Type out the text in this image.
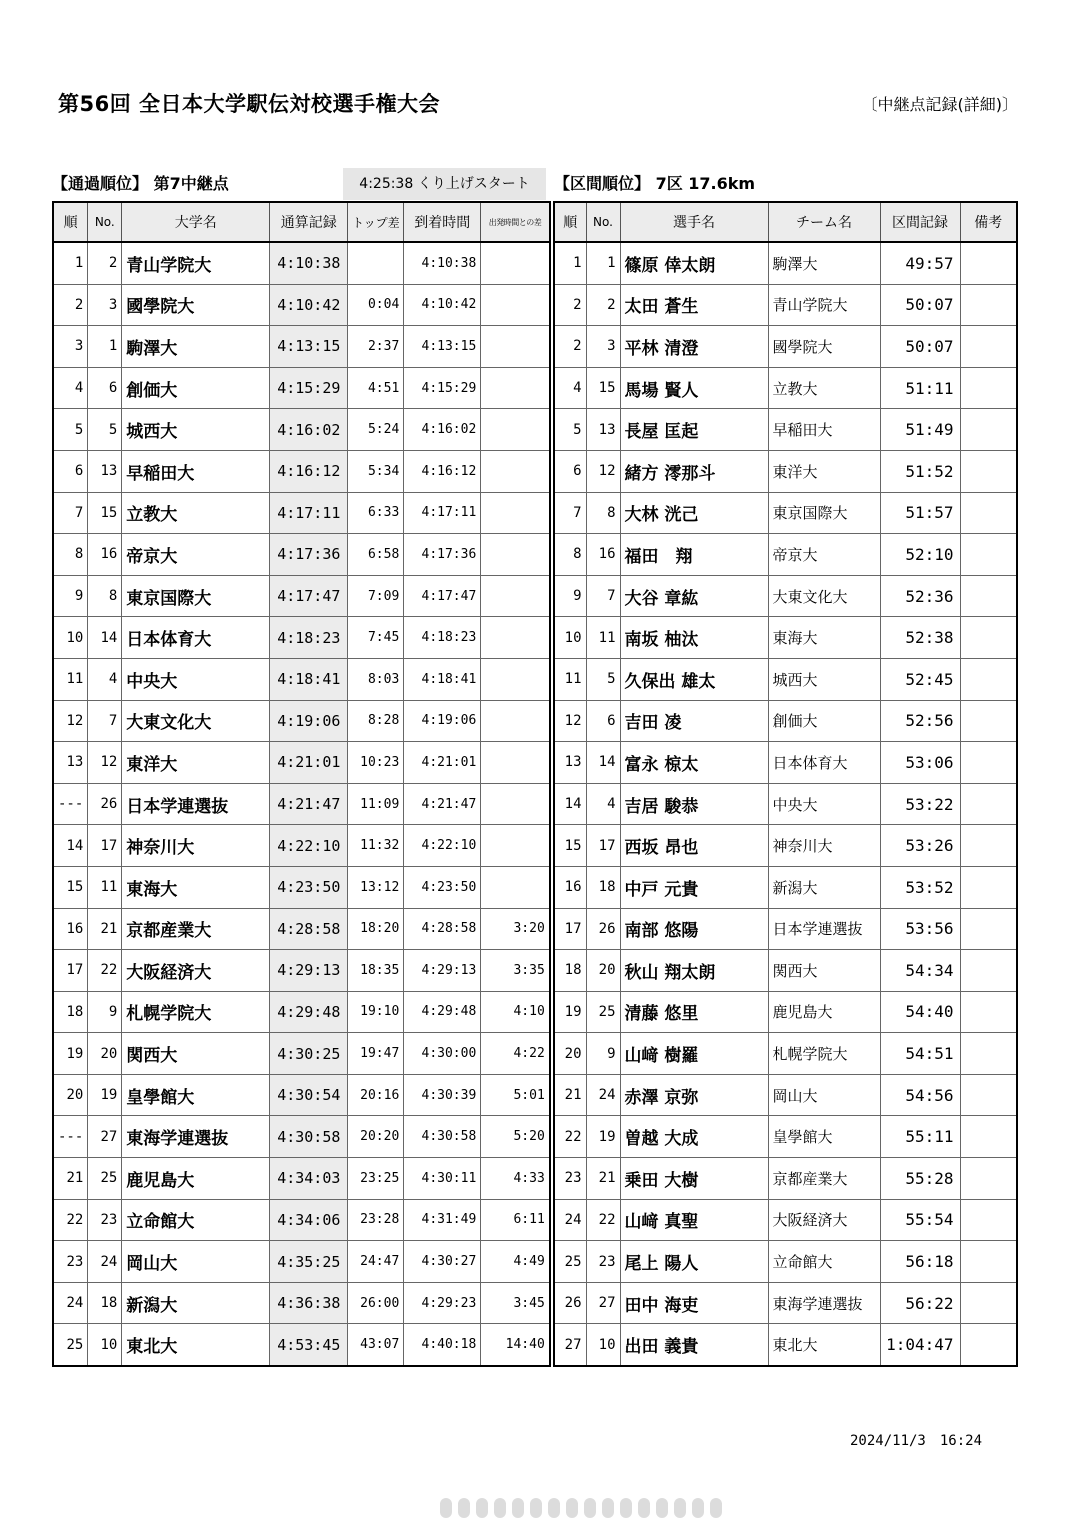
第56回 全日本大学駅伝対校選手権大会	〔中継点記録(詳細)〕
【通過順位】 第7中継点	4:25:38 くり上げスタート	【区間順位】 7区 17.6km
順	No.	大学名	通算記録	トップ差	到着時間	出発時間との差
1	2	青山学院大	4:10:38		4:10:38	
2	3	國學院大	4:10:42	0:04	4:10:42	
3	1	駒澤大	4:13:15	2:37	4:13:15	
4	6	創価大	4:15:29	4:51	4:15:29	
5	5	城西大	4:16:02	5:24	4:16:02	
6	13	早稲田大	4:16:12	5:34	4:16:12	
7	15	立教大	4:17:11	6:33	4:17:11	
8	16	帝京大	4:17:36	6:58	4:17:36	
9	8	東京国際大	4:17:47	7:09	4:17:47	
10	14	日本体育大	4:18:23	7:45	4:18:23	
11	4	中央大	4:18:41	8:03	4:18:41	
12	7	大東文化大	4:19:06	8:28	4:19:06	
13	12	東洋大	4:21:01	10:23	4:21:01	
---	26	日本学連選抜	4:21:47	11:09	4:21:47	
14	17	神奈川大	4:22:10	11:32	4:22:10	
15	11	東海大	4:23:50	13:12	4:23:50	
16	21	京都産業大	4:28:58	18:20	4:28:58	3:20
17	22	大阪経済大	4:29:13	18:35	4:29:13	3:35
18	9	札幌学院大	4:29:48	19:10	4:29:48	4:10
19	20	関西大	4:30:25	19:47	4:30:00	4:22
20	19	皇學館大	4:30:54	20:16	4:30:39	5:01
---	27	東海学連選抜	4:30:58	20:20	4:30:58	5:20
21	25	鹿児島大	4:34:03	23:25	4:30:11	4:33
22	23	立命館大	4:34:06	23:28	4:31:49	6:11
23	24	岡山大	4:35:25	24:47	4:30:27	4:49
24	18	新潟大	4:36:38	26:00	4:29:23	3:45
25	10	東北大	4:53:45	43:07	4:40:18	14:40
順	No.	選手名	チーム名	区間記録	備考
1	1	篠原 倖太朗	駒澤大	49:57	
2	2	太田 蒼生	青山学院大	50:07	
2	3	平林 清澄	國學院大	50:07	
4	15	馬場 賢人	立教大	51:11	
5	13	長屋 匡起	早稲田大	51:49	
6	12	緒方 澪那斗	東洋大	51:52	
7	8	大林 洸己	東京国際大	51:57	
8	16	福田　翔	帝京大	52:10	
9	7	大谷 章紘	大東文化大	52:36	
10	11	南坂 柚汰	東海大	52:38	
11	5	久保出 雄太	城西大	52:45	
12	6	吉田 凌	創価大	52:56	
13	14	富永 椋太	日本体育大	53:06	
14	4	吉居 駿恭	中央大	53:22	
15	17	西坂 昂也	神奈川大	53:26	
16	18	中戸 元貴	新潟大	53:52	
17	26	南部 悠陽	日本学連選抜	53:56	
18	20	秋山 翔太朗	関西大	54:34	
19	25	清藤 悠里	鹿児島大	54:40	
20	9	山﨑 樹羅	札幌学院大	54:51	
21	24	赤澤 京弥	岡山大	54:56	
22	19	曽越 大成	皇學館大	55:11	
23	21	乗田 大樹	京都産業大	55:28	
24	22	山﨑 真聖	大阪経済大	55:54	
25	23	尾上 陽人	立命館大	56:18	
26	27	田中 海吏	東海学連選抜	56:22	
27	10	出田 義貴	東北大	1:04:47	
2024/11/3　16:24
